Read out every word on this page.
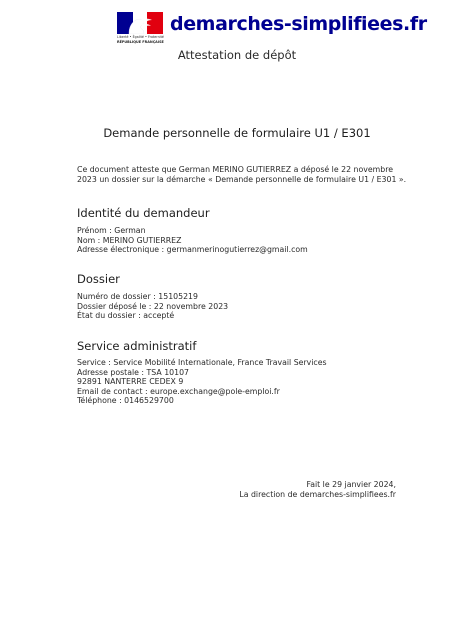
Liberté • Égalité • Fraternité
RÉPUBLIQUE FRANÇAISE
demarches-simplifiees.fr
Attestation de dépôt
Demande personnelle de formulaire U1 / E301
Ce document atteste que German MERINO GUTIERREZ a déposé le 22 novembre 2023 un dossier sur la démarche « Demande personnelle de formulaire U1 / E301 ».
Identité du demandeur
Prénom : German
Nom : MERINO GUTIERREZ
Adresse électronique : germanmerinogutierrez@gmail.com
Dossier
Numéro de dossier : 15105219
Dossier déposé le : 22 novembre 2023
État du dossier : accepté
Service administratif
Service : Service Mobilité Internationale, France Travail Services
Adresse postale : TSA 10107
92891 NANTERRE CEDEX 9
Email de contact : europe.exchange@pole-emploi.fr
Téléphone : 0146529700
Fait le 29 janvier 2024,
La direction de demarches-simplifiees.fr
